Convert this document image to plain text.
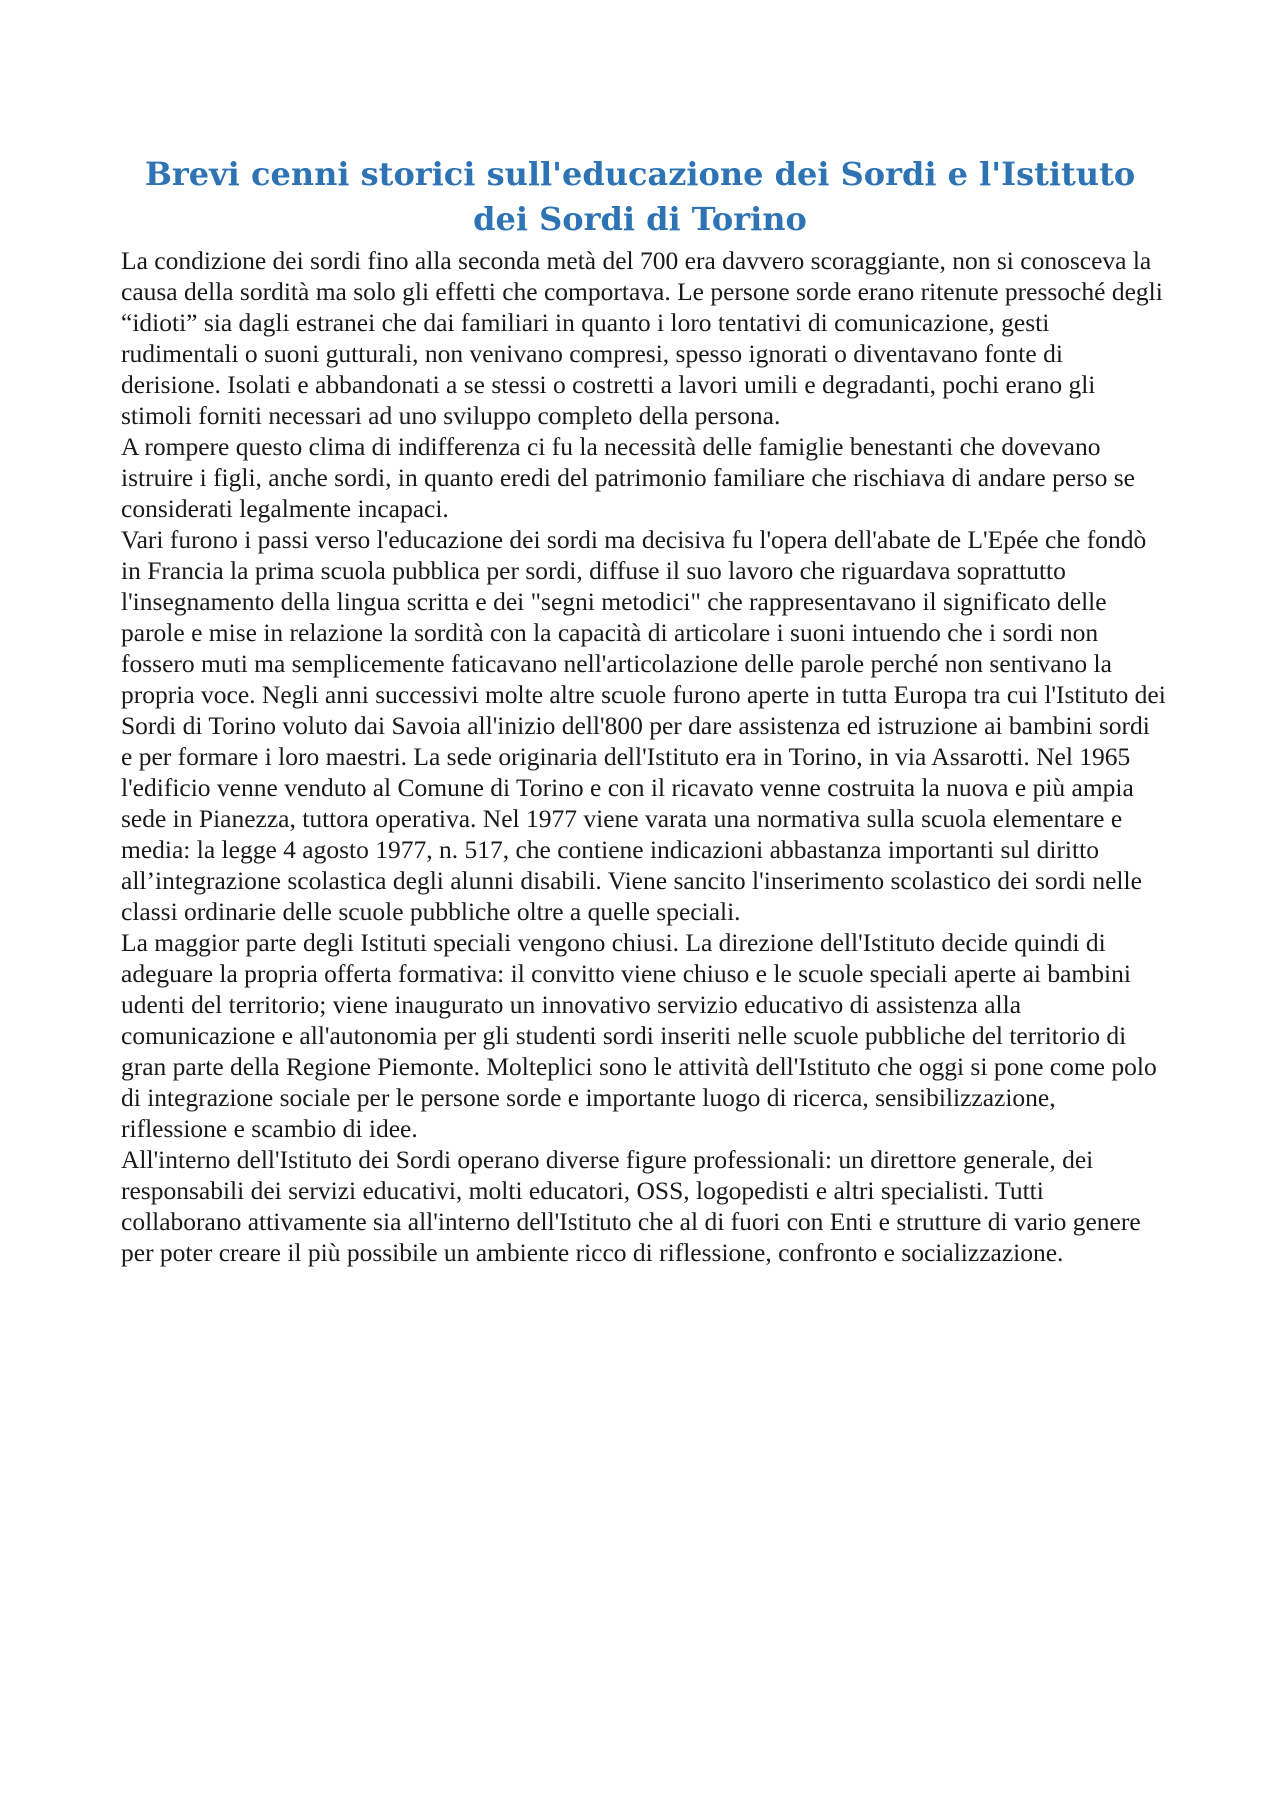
Brevi cenni storici sull'educazione dei Sordi e l'Istituto dei Sordi di Torino

La condizione dei sordi fino alla seconda metà del 700 era davvero scoraggiante, non si conosceva la causa della sordità ma solo gli effetti che comportava. Le persone sorde erano ritenute pressoché degli “idioti” sia dagli estranei che dai familiari in quanto i loro tentativi di comunicazione, gesti rudimentali o suoni gutturali, non venivano compresi, spesso ignorati o diventavano fonte di derisione. Isolati e abbandonati a se stessi o costretti a lavori umili e degradanti, pochi erano gli stimoli forniti necessari ad uno sviluppo completo della persona.

A rompere questo clima di indifferenza ci fu la necessità delle famiglie benestanti che dovevano istruire i figli, anche sordi, in quanto eredi del patrimonio familiare che rischiava di andare perso se considerati legalmente incapaci.

Vari furono i passi verso l'educazione dei sordi ma decisiva fu l'opera dell'abate de L'Epée che fondò in Francia la prima scuola pubblica per sordi, diffuse il suo lavoro che riguardava soprattutto l'insegnamento della lingua scritta e dei "segni metodici" che rappresentavano il significato delle parole e mise in relazione la sordità con la capacità di articolare i suoni intuendo che i sordi non fossero muti ma semplicemente faticavano nell'articolazione delle parole perché non sentivano la propria voce. Negli anni successivi molte altre scuole furono aperte in tutta Europa tra cui l'Istituto dei Sordi di Torino voluto dai Savoia all'inizio dell'800 per dare assistenza ed istruzione ai bambini sordi e per formare i loro maestri. La sede originaria dell'Istituto era in Torino, in via Assarotti. Nel 1965 l'edificio venne venduto al Comune di Torino e con il ricavato venne costruita la nuova e più ampia sede in Pianezza, tuttora operativa. Nel 1977 viene varata una normativa sulla scuola elementare e media: la legge 4 agosto 1977, n. 517, che contiene indicazioni abbastanza importanti sul diritto all’integrazione scolastica degli alunni disabili. Viene sancito l'inserimento scolastico dei sordi nelle classi ordinarie delle scuole pubbliche oltre a quelle speciali.

La maggior parte degli Istituti speciali vengono chiusi. La direzione dell'Istituto decide quindi di adeguare la propria offerta formativa: il convitto viene chiuso e le scuole speciali aperte ai bambini udenti del territorio; viene inaugurato un innovativo servizio educativo di assistenza alla comunicazione e all'autonomia per gli studenti sordi inseriti nelle scuole pubbliche del territorio di gran parte della Regione Piemonte. Molteplici sono le attività dell'Istituto che oggi si pone come polo di integrazione sociale per le persone sorde e importante luogo di ricerca, sensibilizzazione, riflessione e scambio di idee.

All'interno dell'Istituto dei Sordi operano diverse figure professionali: un direttore generale, dei responsabili dei servizi educativi, molti educatori, OSS, logopedisti e altri specialisti. Tutti collaborano attivamente sia all'interno dell'Istituto che al di fuori con Enti e strutture di vario genere per poter creare il più possibile un ambiente ricco di riflessione, confronto e socializzazione.
